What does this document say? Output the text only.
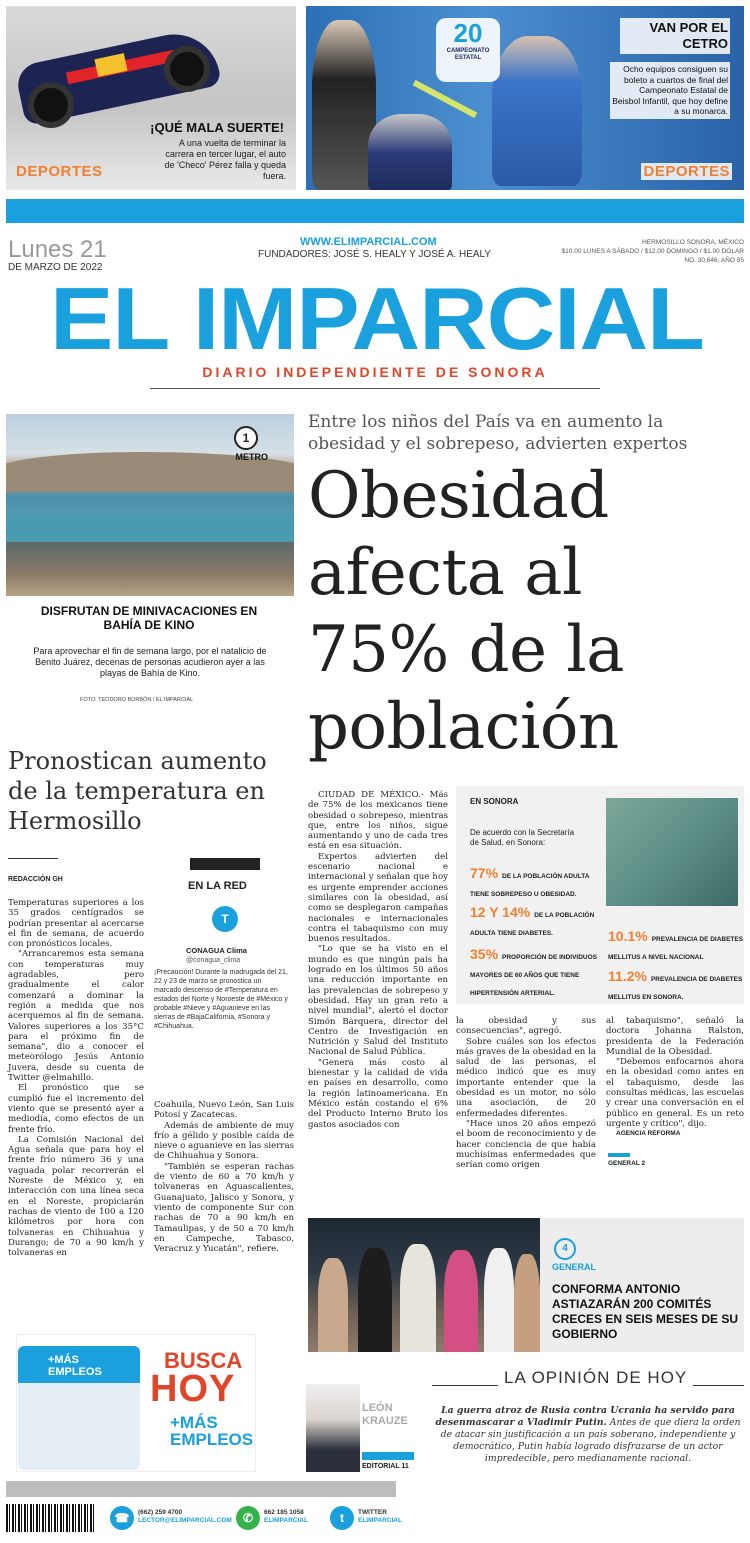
¡QUÉ MALA SUERTE!
A una vuelta de terminar la carrera en tercer lugar, el auto de 'Checo' Pérez falla y queda fuera.
DEPORTES
20
CAMPEONATO ESTATAL
VAN POR EL CETRO
Ocho equipos consiguen su boleto a cuartos de final del Campeonato Estatal de Beisbol Infantil, que hoy define a su monarca.
DEPORTES
Lunes 21
DE MARZO DE 2022
WWW.ELIMPARCIAL.COM
FUNDADORES: JOSÉ S. HEALY Y JOSÉ A. HEALY
HERMOSILLO SONORA, MÉXICO
$10.00 LUNES A SÁBADO / $12.00 DOMINGO / $1.00 DÓLAR
NO. 30,646, AÑO 85
EL IMPARCIAL
DIARIO INDEPENDIENTE DE SONORA
1
METRO
DISFRUTAN DE MINIVACACIONES EN BAHÍA DE KINO
Para aprovechar el fin de semana largo, por el natalicio de Benito Juárez, decenas de personas acudieron ayer a las playas de Bahía de Kino.
FOTO: TEODORO BORBÓN / EL IMPARCIAL
Entre los niños del País va en aumento la obesidad y el sobrepeso, advierten expertos
Obesidad afecta al 75% de la población

CIUDAD DE MÉXICO.- Más de 75% de los mexicanos tiene obesidad o sobrepeso, mientras que, entre los niños, sigue aumentando y uno de cada tres está en esa situación.

Expertos advierten del escenario nacional e internacional y señalan que hoy es urgente emprender acciones similares con la obesidad, así como se desplegaron campañas nacionales e internacionales contra el tabaquismo con muy buenos resultados.

"Lo que se ha visto en el mundo es que ningún país ha logrado en los últimos 50 años una reducción importante en las prevalencias de sobrepeso y obesidad. Hay un gran reto a nivel mundial", alertó el doctor Simón Barquera, director del Centro de Investigación en Nutrición y Salud del Instituto Nacional de Salud Pública.

"Genera más costo al bienestar y la calidad de vida en países en desarrollo, como la región latinoamericana. En México están costando el 6% del Producto Interno Bruto los gastos asociados con

la obesidad y sus consecuencias", agregó.

Sobre cuáles son los efectos más graves de la obesidad en la salud de las personas, el médico indicó que es muy importante entender que la obesidad es un motor, no sólo una asociación, de 20 enfermedades diferentes.

"Hace unos 20 años empezó el boom de reconocimiento y de hacer conciencia de que había muchísimas enfermedades que serían como origen

al tabaquismo", señaló la doctora Johanna Ralston, presidenta de la Federación Mundial de la Obesidad.

"Debemos enfocarnos ahora en la obesidad como antes en el tabaquismo, desde las consultas médicas, las escuelas y crear una conversación en el público en general. Es un reto urgente y crítico", dijo.

AGENCIA REFORMA

GENERAL 2
EN SONORA
De acuerdo con la Secretaría de Salud, en Sonora:
77% DE LA POBLACIÓN ADULTA TIENE SOBREPESO U OBESIDAD.
12 Y 14% DE LA POBLACIÓN ADULTA TIENE DIABETES.
35% PROPORCIÓN DE INDIVIDUOS MAYORES DE 60 AÑOS QUE TIENE HIPERTENSIÓN ARTERIAL.
10.1% PREVALENCIA DE DIABETES MELLITUS A NIVEL NACIONAL
11.2% PREVALENCIA DE DIABETES MELLITUS EN SONORA.
Pronostican aumento de la temperatura en Hermosillo
REDACCIÓN GH

Temperaturas superiores a los 35 grados centígrados se podrían presentar al acercarse el fin de semana, de acuerdo con pronósticos locales.

"Arrancaremos esta semana con temperaturas muy agradables, pero gradualmente el calor comenzará a dominar la región a medida que nos acerquemos al fin de semana. Valores superiores a los 35°C para el próximo fin de semana", dio a conocer el meteorólogo Jesús Antonio Juvera, desde su cuenta de Twitter @elmahillo.

El pronóstico que se cumplió fue el incremento del viento que se presentó ayer a mediodía, como efectos de un frente frío.

La Comisión Nacional del Agua señala que para hoy el frente frío número 36 y una vaguada polar recorrerán el Noreste de México y, en interacción con una línea seca en el Noreste, propiciarán rachas de viento de 100 a 120 kilómetros por hora con tolvaneras en Chihuahua y Durango; de 70 a 90 km/h y tolvaneras en

Coahuila, Nuevo León, San Luis Potosí y Zacatecas.

Además de ambiente de muy frío a gélido y posible caída de nieve o aguanieve en las sierras de Chihuahua y Sonora.

"También se esperan rachas de viento de 60 a 70 km/h y tolvaneras en Aguascalientes, Guanajuato, Jalisco y Sonora, y viento de componente Sur con rachas de 70 a 90 km/h en Tamaulipas, y de 50 a 70 km/h en Campeche, Tabasco, Veracruz y Yucatán", refiere.

EN LA RED
T
CONAGUA Clima
@conagua_clima
¡Precaución! Durante la madrugada del 21, 22 y 23 de marzo se pronostica un marcado descenso de #Temperatura en estados del Norte y Noroeste de #México y probable #Nieve y #Aguanieve en las sierras de #BajaCalifornia, #Sonora y #Chihuahua.
4
GENERAL
CONFORMA ANTONIO ASTIAZARÁN 200 COMITÉS CRECES EN SEIS MESES DE SU GOBIERNO
+MÁS
EMPLEOS	BUSCA
HOY
+MÁS
EMPLEOS
LA OPINIÓN DE HOY
LEÓN
KRAUZE
EDITORIAL 11
La guerra atroz de Rusia contra Ucrania ha servido para desenmascarar a Vladimir Putin. Antes de que diera la orden de atacar sin justificación a un país soberano, independiente y democrático, Putin había logrado disfrazarse de un actor impredecible, pero medianamente racional.
☎	(662) 259 4700
LECTOR@ELIMPARCIAL.COM ✆	662 185 1058
ELIMPARCIAL	t	TWITTER
ELIMPARCIAL
